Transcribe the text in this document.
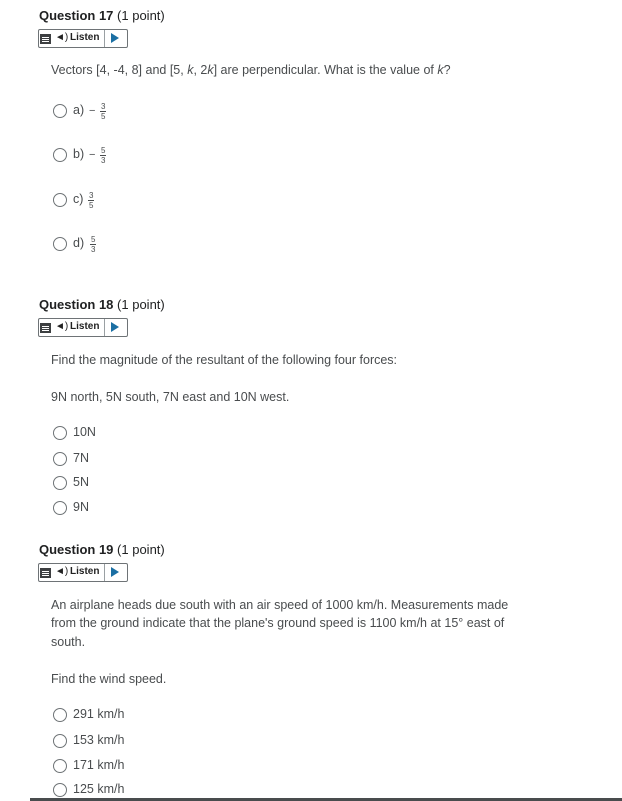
Question 17 (1 point)
◄) Listen
Vectors [4, -4, 8] and [5, k, 2k] are perpendicular. What is the value of k?
$a) - \frac{3}{5}$
$b) - \frac{5}{3}$
$c) \frac{3}{5}$
$d) \frac{5}{3}$
Question 18 (1 point)
◄) Listen
Find the magnitude of the resultant of the following four forces:
9N north, 5N south, 7N east and 10N west.
10N
7N
5N
9N
Question 19 (1 point)
◄) Listen
An airplane heads due south with an air speed of 1000 km/h. Measurements made
from the ground indicate that the plane's ground speed is 1100 km/h at 15° east of
south.
Find the wind speed.
291 km/h
153 km/h
171 km/h
125 km/h
